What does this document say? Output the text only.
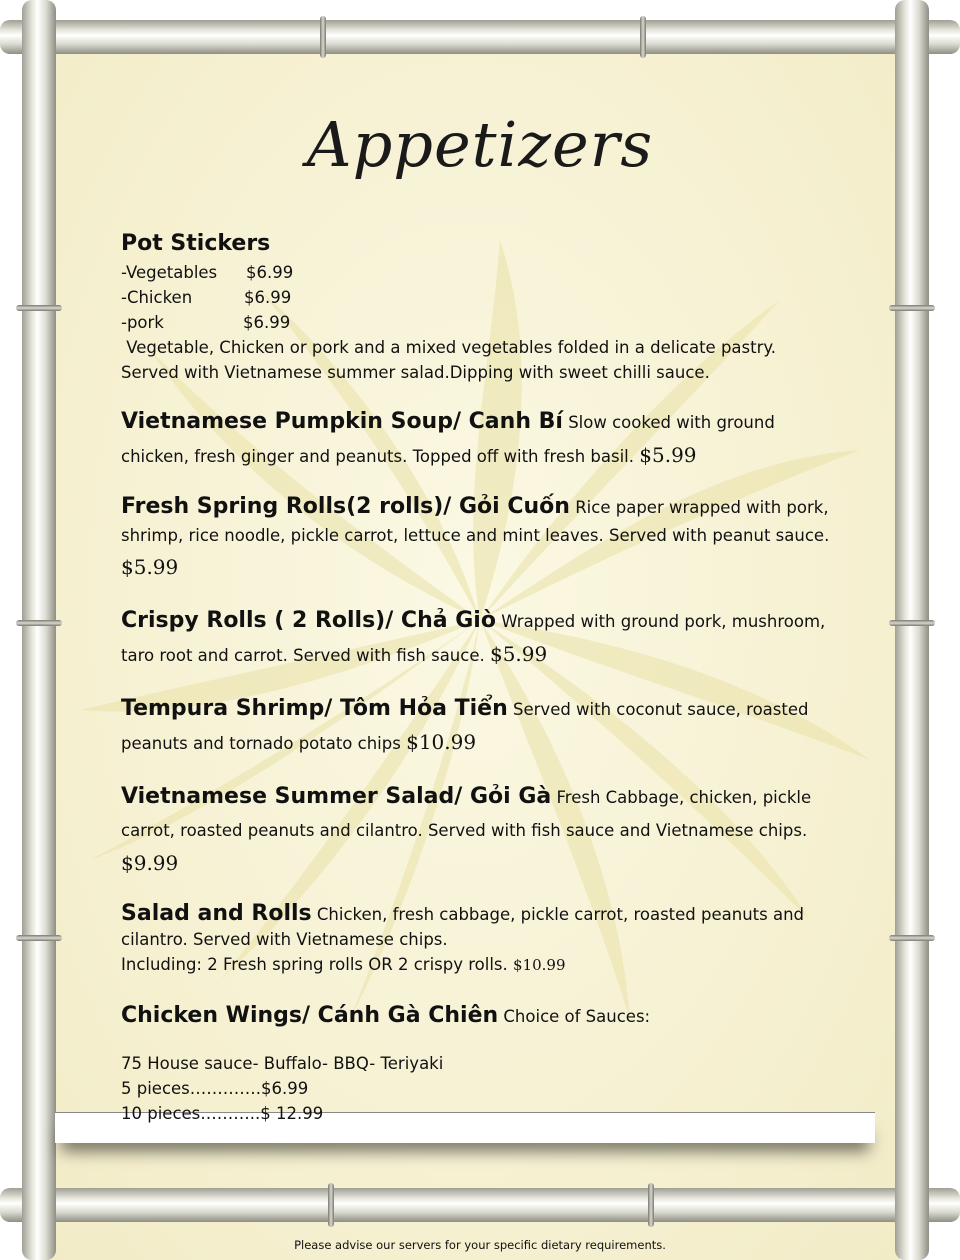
Appetizers
Pot Stickers
-Vegetables $6.99
-Chicken	$6.99
-pork	$6.99
Vegetable, Chicken or pork and a mixed vegetables folded in a delicate pastry.
Served with Vietnamese summer salad.Dipping with sweet chilli sauce.
Vietnamese Pumpkin Soup/ Canh Bí Slow cooked with ground chicken, fresh ginger and peanuts. Topped off with fresh basil. $5.99
Fresh Spring Rolls(2 rolls)/ Gỏi Cuốn Rice paper wrapped with pork, shrimp, rice noodle, pickle carrot, lettuce and mint leaves. Served with peanut sauce.
$5.99
Crispy Rolls ( 2 Rolls)/ Chả Giò Wrapped with ground pork, mushroom, taro root and carrot. Served with fish sauce. $5.99
Tempura Shrimp/ Tôm Hỏa Tiển Served with coconut sauce, roasted peanuts and tornado potato chips $10.99
Vietnamese Summer Salad/ Gỏi Gà Fresh Cabbage, chicken, pickle carrot, roasted peanuts and cilantro. Served with fish sauce and Vietnamese chips. $9.99
Salad and Rolls Chicken, fresh cabbage, pickle carrot, roasted peanuts and cilantro. Served with Vietnamese chips.
Including: 2 Fresh spring rolls OR 2 crispy rolls. $10.99
Chicken Wings/ Cánh Gà Chiên Choice of Sauces:
75 House sauce- Buffalo- BBQ- Teriyaki
5 pieces………….$6.99
10 pieces………..$ 12.99
Please advise our servers for your specific dietary requirements.
